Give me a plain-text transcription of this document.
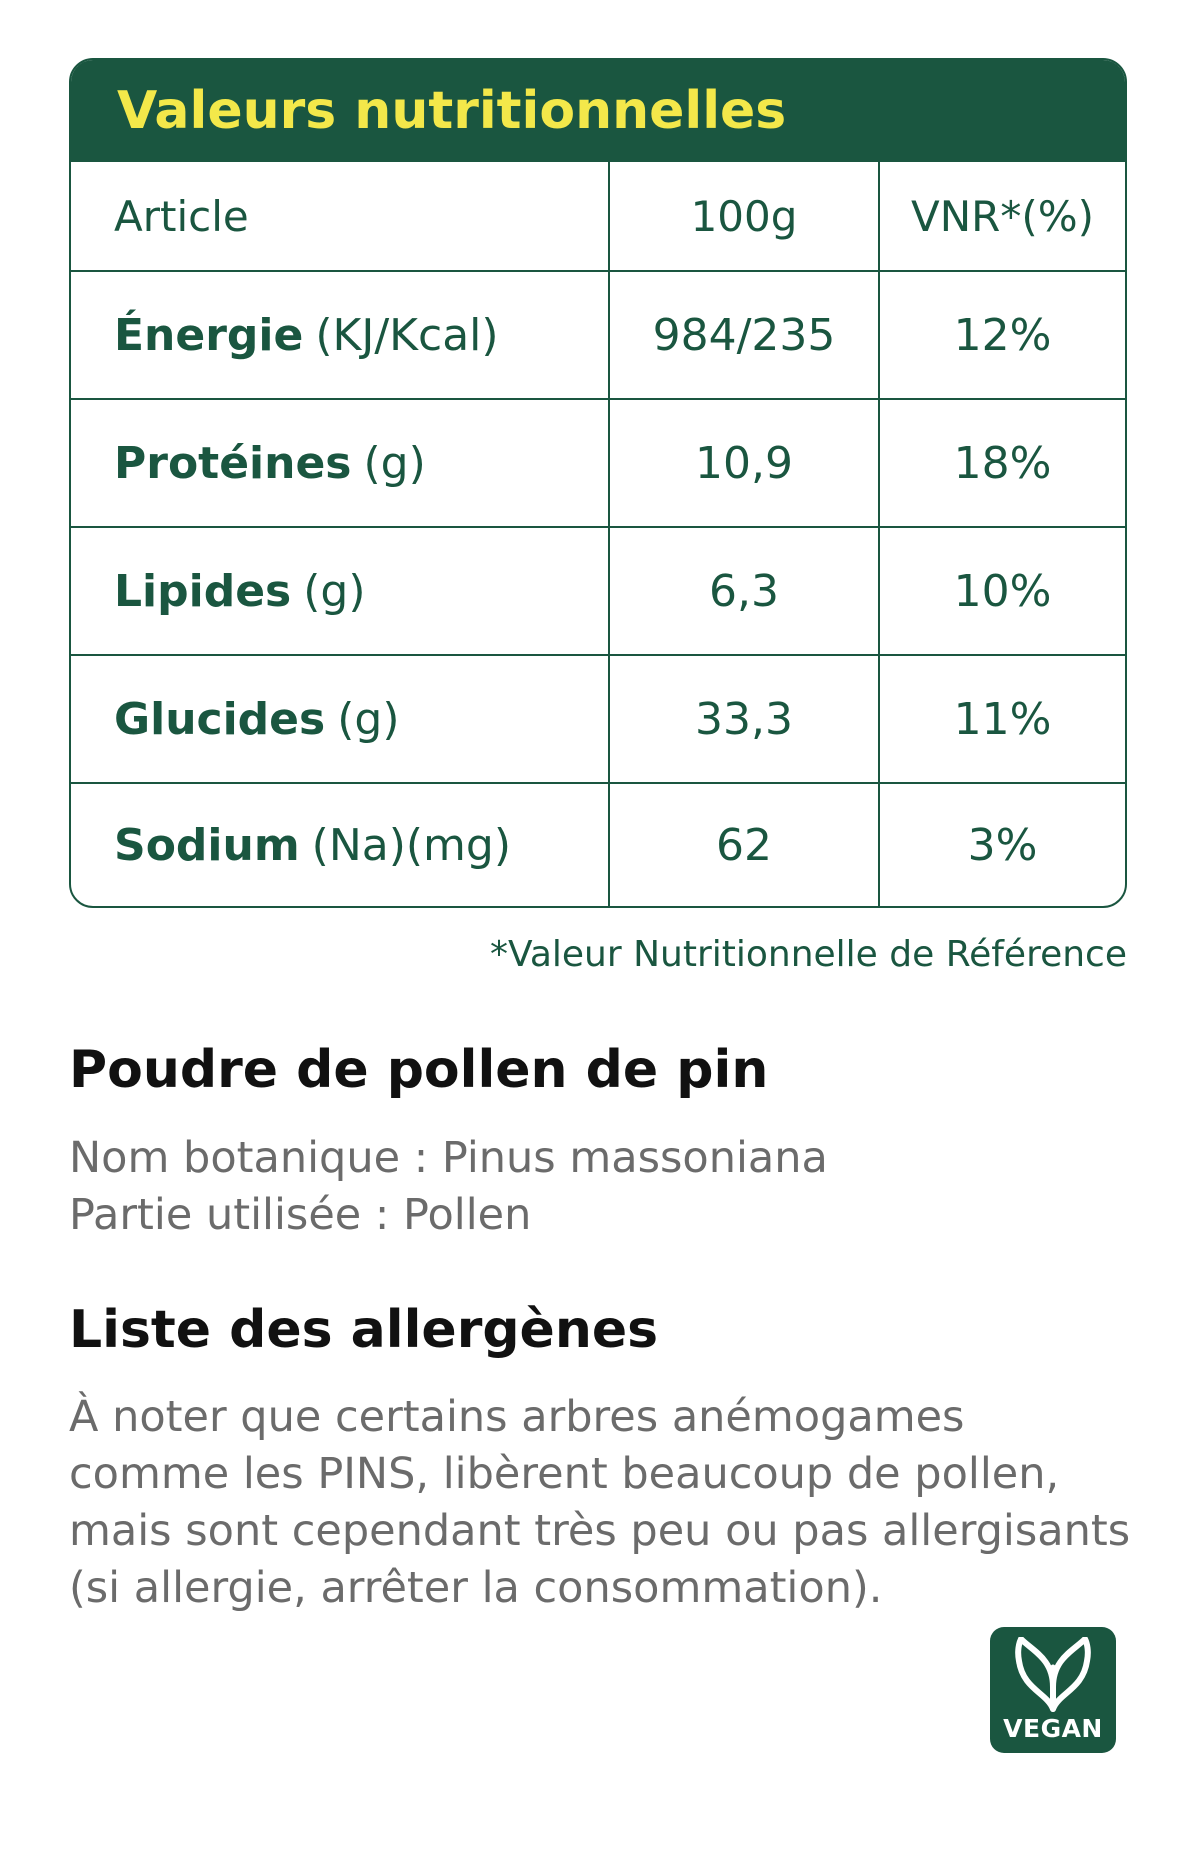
Valeurs nutritionnelles
Article	100g	VNR*(%)
Énergie (KJ/Kcal)	984/235	12%
Protéines (g)	10,9	18%
Lipides (g)	6,3	10%
Glucides (g)	33,3	11%
Sodium (Na)(mg)	62	3%
*Valeur Nutritionnelle de Référence
Poudre de pollen de pin
Nom botanique : Pinus massoniana
Partie utilisée : Pollen
Liste des allergènes
À noter que certains arbres anémogames
comme les PINS, libèrent beaucoup de pollen,
mais sont cependant très peu ou pas allergisants
(si allergie, arrêter la consommation).
VEGAN
